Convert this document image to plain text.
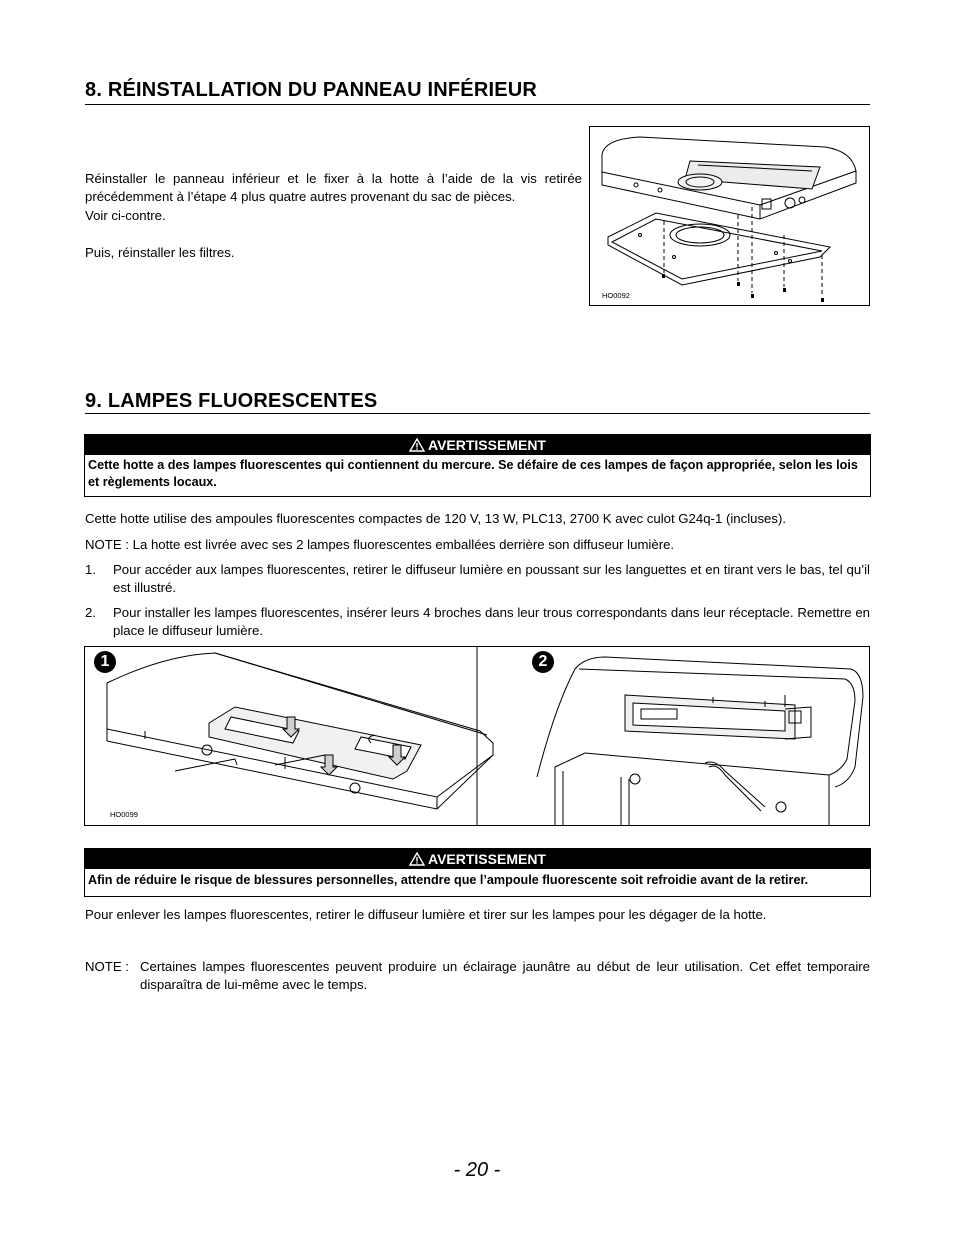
8. RÉINSTALLATION DU PANNEAU INFÉRIEUR
Réinstaller le panneau inférieur et le fixer à la hotte à l’aide de la vis retirée précédemment à l’étape 4 plus quatre autres provenant du sac de pièces.
Voir ci-contre.
Puis, réinstaller les filtres.
HO0092
9. LAMPES FLUORESCENTES
AVERTISSEMENT
Cette hotte a des lampes fluorescentes qui contiennent du mercure. Se défaire de ces lampes de façon appropriée, selon les lois et règlements locaux.
Cette hotte utilise des ampoules fluorescentes compactes de 120 V, 13 W, PLC13, 2700 K avec culot G24q-1 (incluses).
NOTE : La hotte est livrée avec ses 2 lampes fluorescentes emballées derrière son diffuseur lumière.
1. Pour accéder aux lampes fluorescentes, retirer le diffuseur lumière en poussant sur les languettes et en tirant vers le bas, tel qu’il est illustré.
2. Pour installer les lampes fluorescentes, insérer leurs 4 broches dans leur trous correspondants dans leur réceptacle. Remettre en place le diffuseur lumière.
1	2
HO0099
AVERTISSEMENT
Afin de réduire le risque de blessures personnelles, attendre que l’ampoule fluorescente soit refroidie avant de la retirer.
Pour enlever les lampes fluorescentes, retirer le diffuseur lumière et tirer sur les lampes pour les dégager de la hotte.
NOTE : Certaines lampes fluorescentes peuvent produire un éclairage jaunâtre au début de leur utilisation. Cet effet temporaire disparaîtra de lui-même avec le temps.
- 20 -
